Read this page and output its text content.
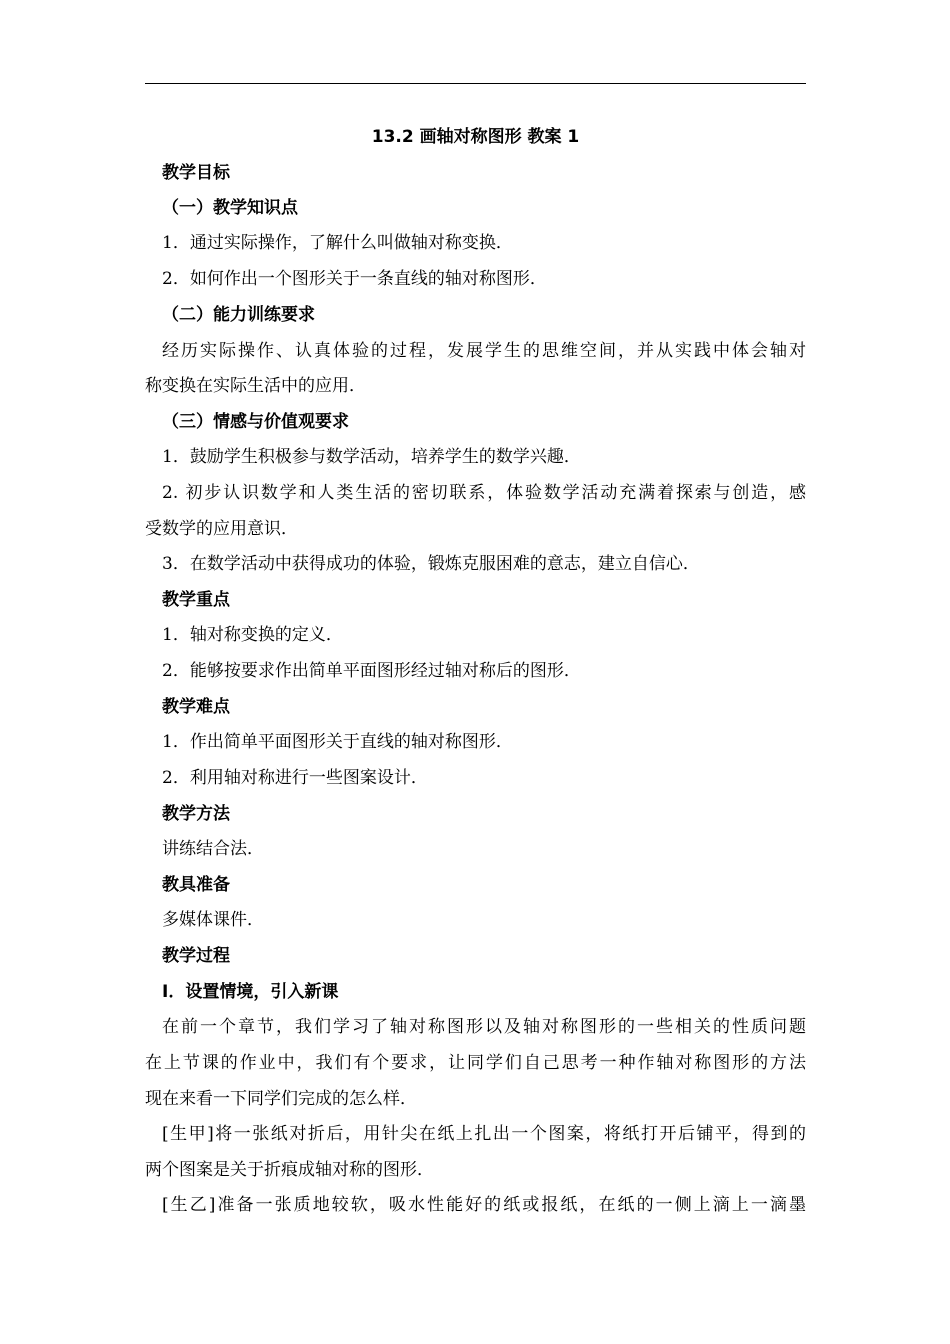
13.2 画轴对称图形 教案 1
教学目标
（一）教学知识点
1．通过实际操作，了解什么叫做轴对称变换．
2．如何作出一个图形关于一条直线的轴对称图形．
（二）能力训练要求
经历实际操作、认真体验的过程，发展学生的思维空间，并从实践中体会轴对
称变换在实际生活中的应用．
（三）情感与价值观要求
1．鼓励学生积极参与数学活动，培养学生的数学兴趣．
2. 初步认识数学和人类生活的密切联系，体验数学活动充满着探索与创造，感
受数学的应用意识．
3．在数学活动中获得成功的体验，锻炼克服困难的意志，建立自信心．
教学重点
1．轴对称变换的定义．
2．能够按要求作出简单平面图形经过轴对称后的图形．
教学难点
1．作出简单平面图形关于直线的轴对称图形．
2．利用轴对称进行一些图案设计．
教学方法
讲练结合法．
教具准备
多媒体课件．
教学过程
Ⅰ．设置情境，引入新课
在前一个章节，我们学习了轴对称图形以及轴对称图形的一些相关的性质问题
在上节课的作业中，我们有个要求，让同学们自己思考一种作轴对称图形的方法
现在来看一下同学们完成的怎么样．
[生甲]将一张纸对折后，用针尖在纸上扎出一个图案，将纸打开后铺平，得到的
两个图案是关于折痕成轴对称的图形．
[生乙]准备一张质地较软，吸水性能好的纸或报纸，在纸的一侧上滴上一滴墨
